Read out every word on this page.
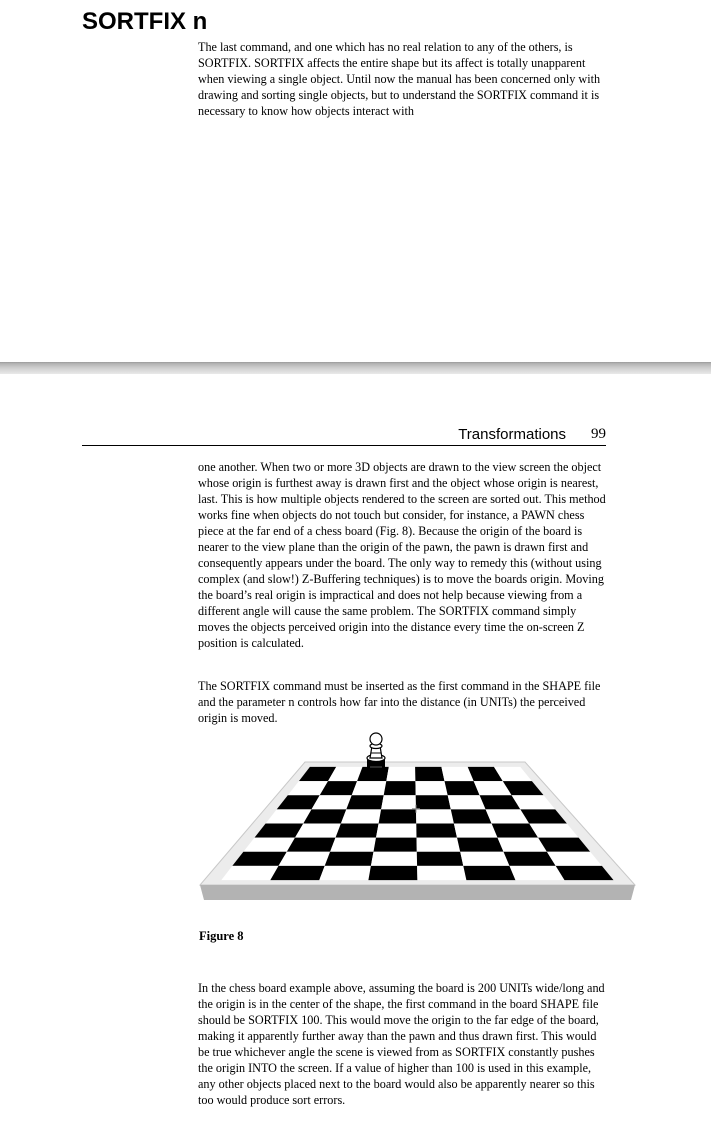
SORTFIX n

The last command, and one which has no real relation to any of the others, is SORTFIX. SORTFIX affects the entire shape but its affect is totally unapparent when viewing a single object. Until now the manual has been concerned only with drawing and sorting single objects, but to understand the SORTFIX command it is necessary to know how objects interact with

Transformations 99

one another. When two or more 3D objects are drawn to the view screen the object whose origin is furthest away is drawn first and the object whose origin is nearest, last. This is how multiple objects rendered to the screen are sorted out. This method works fine when objects do not touch but consider, for instance, a PAWN chess piece at the far end of a chess board (Fig. 8). Because the origin of the board is nearer to the view plane than the origin of the pawn, the pawn is drawn first and consequently appears under the board. The only way to remedy this (without using complex (and slow!) Z-Buffering techniques) is to move the boards origin. Moving the board’s real origin is impractical and does not help because viewing from a different angle will cause the same problem. The SORTFIX command simply moves the objects perceived origin into the distance every time the on-screen Z position is calculated.

The SORTFIX command must be inserted as the first command in the SHAPE file and the parameter n controls how far into the distance (in UNITs) the perceived origin is moved.

Figure 8

In the chess board example above, assuming the board is 200 UNITs wide/long and the origin is in the center of the shape, the first command in the board SHAPE file should be SORTFIX 100. This would move the origin to the far edge of the board, making it apparently further away than the pawn and thus drawn first. This would be true whichever angle the scene is viewed from as SORTFIX constantly pushes the origin INTO the screen. If a value of higher than 100 is used in this example, any other objects placed next to the board would also be apparently nearer so this too would produce sort errors.
